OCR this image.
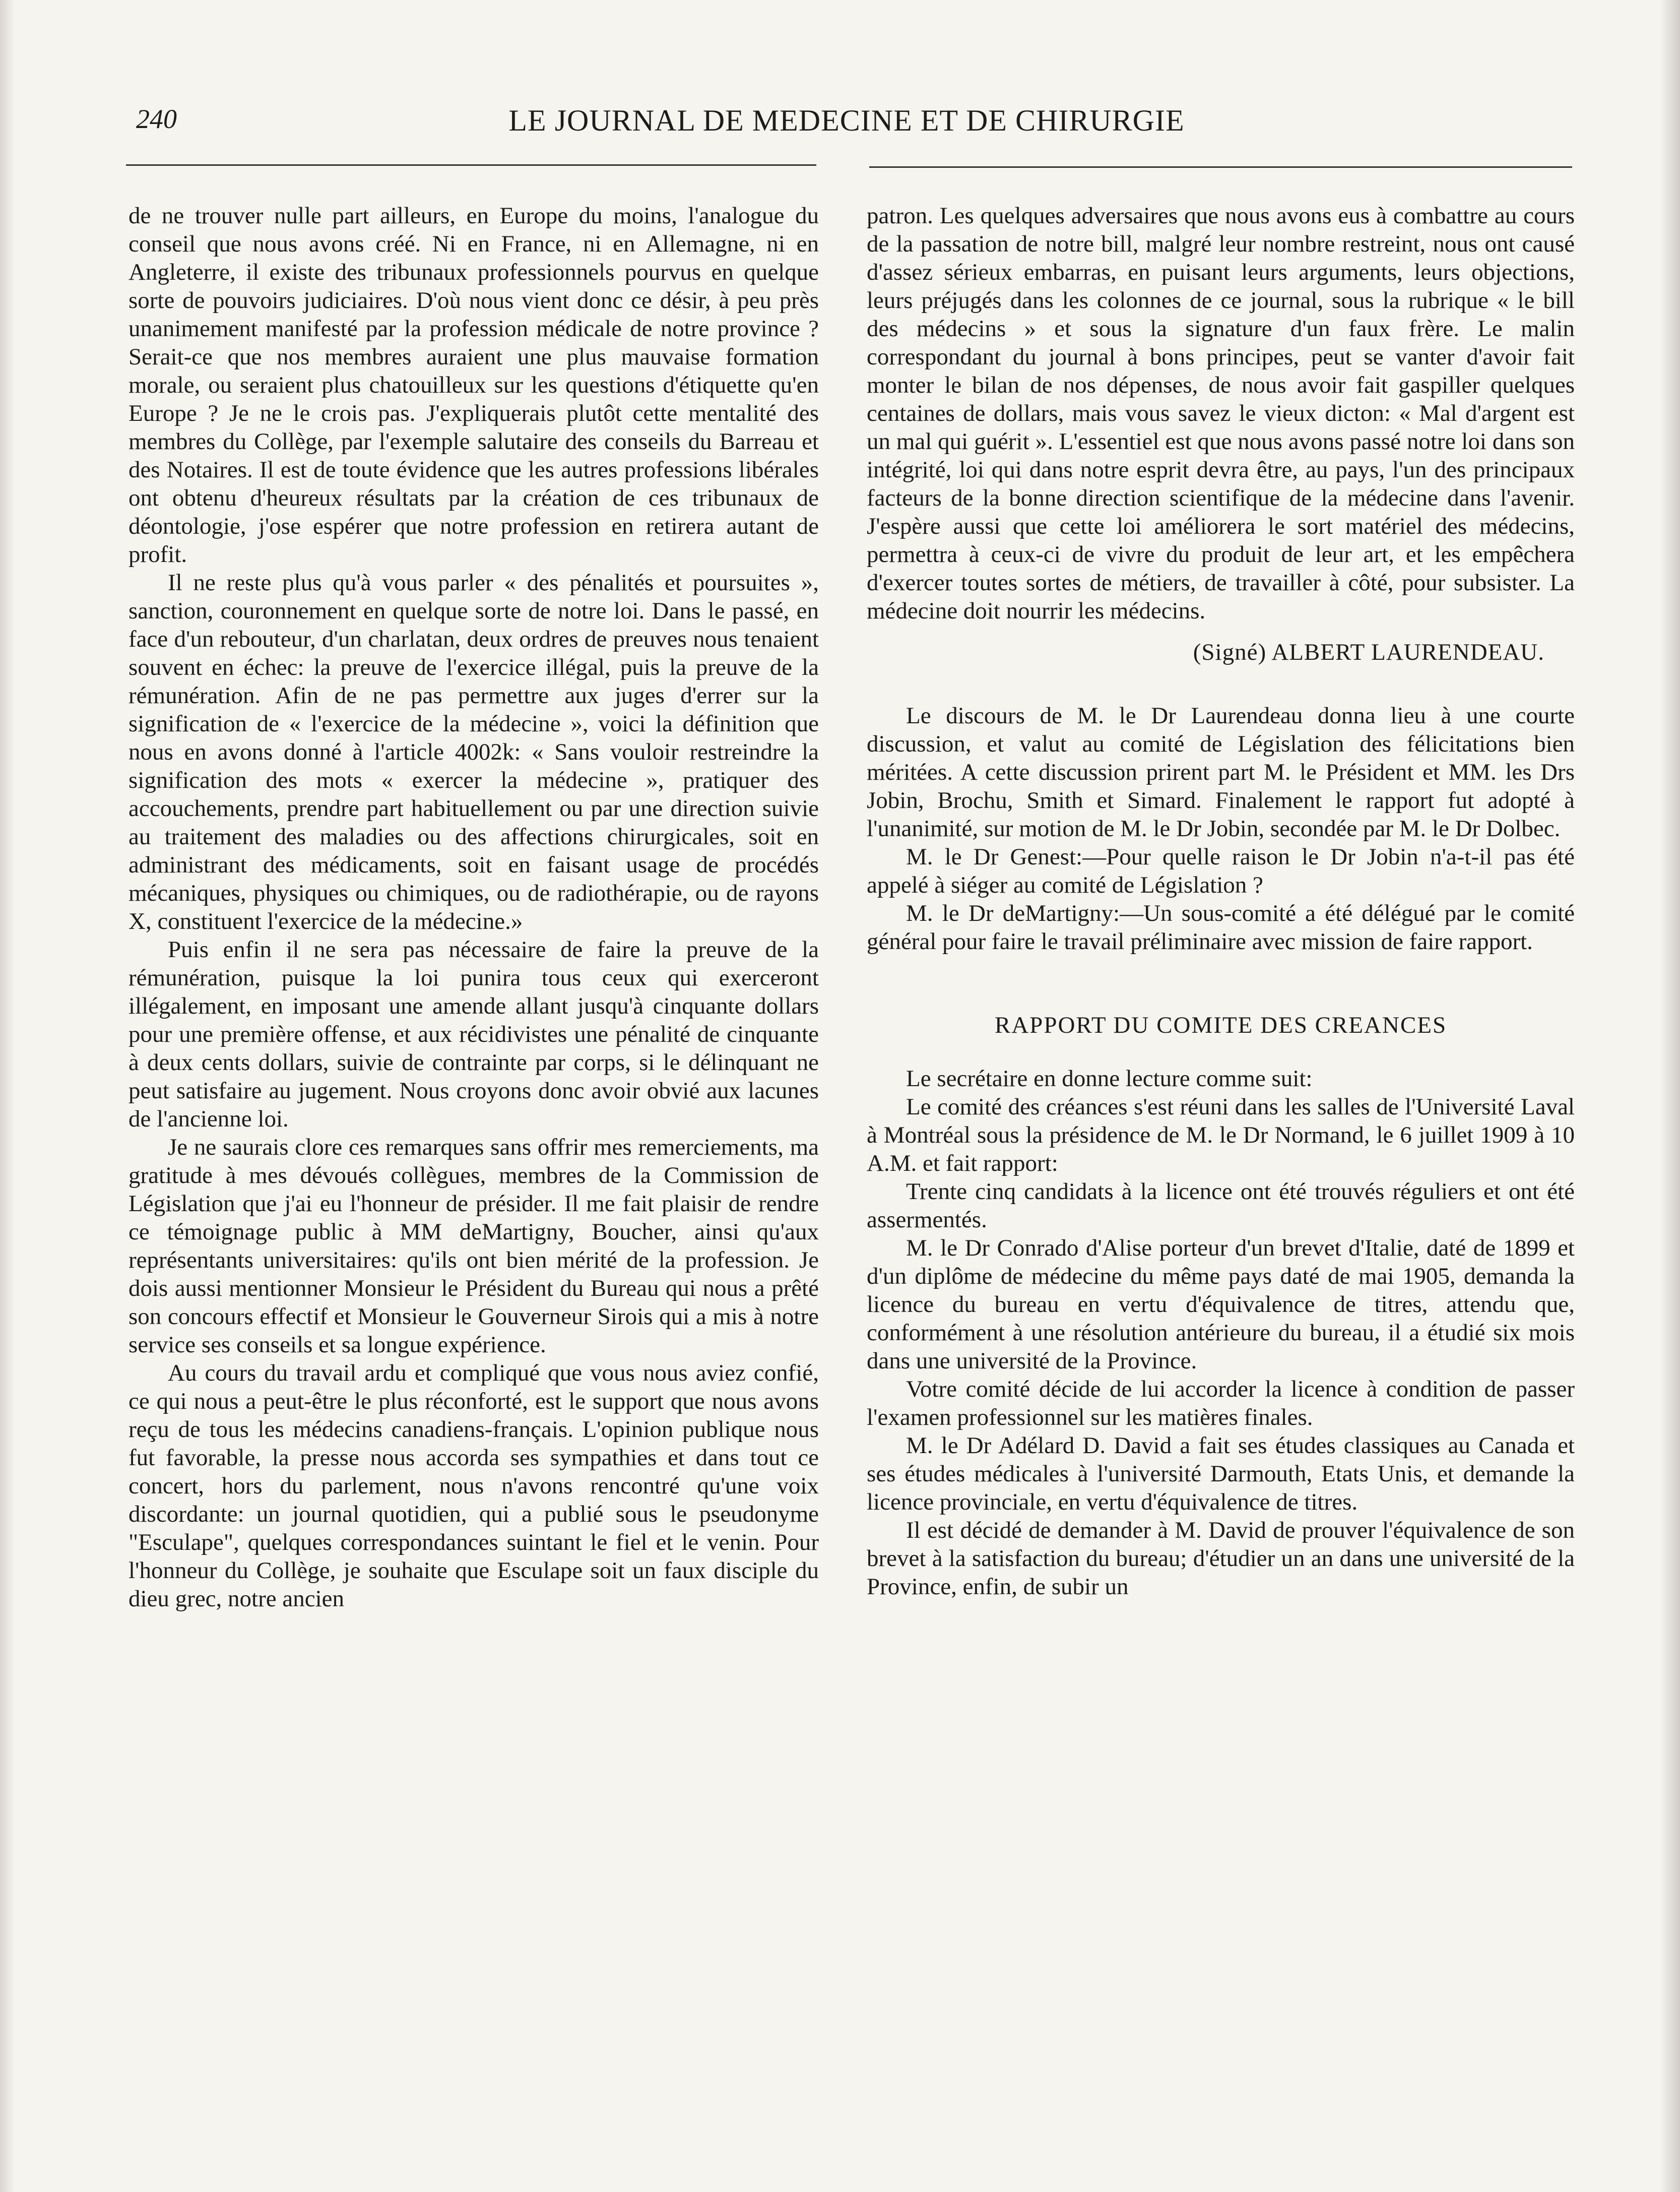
240	LE JOURNAL DE MEDECINE ET DE CHIRURGIE

de ne trouver nulle part ailleurs, en Europe du moins, l'analogue du conseil que nous avons créé. Ni en France, ni en Allemagne, ni en Angleterre, il existe des tribunaux professionnels pourvus en quelque sorte de pouvoirs judiciaires. D'où nous vient donc ce désir, à peu près unanimement manifesté par la profession médicale de notre province ? Serait-ce que nos membres auraient une plus mauvaise formation morale, ou seraient plus chatouilleux sur les questions d'étiquette qu'en Europe ? Je ne le crois pas. J'expliquerais plutôt cette mentalité des membres du Collège, par l'exemple salutaire des conseils du Barreau et des Notaires. Il est de toute évidence que les autres professions libérales ont obtenu d'heureux résultats par la création de ces tribunaux de déontologie, j'ose espérer que notre profession en retirera autant de profit.

Il ne reste plus qu'à vous parler « des pénalités et poursuites », sanction, couronnement en quelque sorte de notre loi. Dans le passé, en face d'un rebouteur, d'un charlatan, deux ordres de preuves nous tenaient souvent en échec: la preuve de l'exercice illégal, puis la preuve de la rémunération. Afin de ne pas permettre aux juges d'errer sur la signification de « l'exercice de la médecine », voici la définition que nous en avons donné à l'article 4002k: « Sans vouloir restreindre la signification des mots « exercer la médecine », pratiquer des accouchements, prendre part habituellement ou par une direction suivie au traitement des maladies ou des affections chirurgicales, soit en administrant des médicaments, soit en faisant usage de procédés mécaniques, physiques ou chimiques, ou de radiothérapie, ou de rayons X, constituent l'exercice de la médecine.»

Puis enfin il ne sera pas nécessaire de faire la preuve de la rémunération, puisque la loi punira tous ceux qui exerceront illégalement, en imposant une amende allant jusqu'à cinquante dollars pour une première offense, et aux récidivistes une pénalité de cinquante à deux cents dollars, suivie de contrainte par corps, si le délinquant ne peut satisfaire au jugement. Nous croyons donc avoir obvié aux lacunes de l'ancienne loi.

Je ne saurais clore ces remarques sans offrir mes remerciements, ma gratitude à mes dévoués collègues, membres de la Commission de Législation que j'ai eu l'honneur de présider. Il me fait plaisir de rendre ce témoignage public à MM deMartigny, Boucher, ainsi qu'aux représentants universitaires: qu'ils ont bien mérité de la profession. Je dois aussi mentionner Monsieur le Président du Bureau qui nous a prêté son concours effectif et Monsieur le Gouverneur Sirois qui a mis à notre service ses conseils et sa longue expérience.

Au cours du travail ardu et compliqué que vous nous aviez confié, ce qui nous a peut-être le plus réconforté, est le support que nous avons reçu de tous les médecins canadiens-français. L'opinion publique nous fut favorable, la presse nous accorda ses sympathies et dans tout ce concert, hors du parlement, nous n'avons rencontré qu'une voix discordante: un journal quotidien, qui a publié sous le pseudonyme "Esculape", quelques correspondances suintant le fiel et le venin. Pour l'honneur du Collège, je souhaite que Esculape soit un faux disciple du dieu grec, notre ancien

patron. Les quelques adversaires que nous avons eus à combattre au cours de la passation de notre bill, malgré leur nombre restreint, nous ont causé d'assez sérieux embarras, en puisant leurs arguments, leurs objections, leurs préjugés dans les colonnes de ce journal, sous la rubrique « le bill des médecins » et sous la signature d'un faux frère. Le malin correspondant du journal à bons principes, peut se vanter d'avoir fait monter le bilan de nos dépenses, de nous avoir fait gaspiller quelques centaines de dollars, mais vous savez le vieux dicton: « Mal d'argent est un mal qui guérit ». L'essentiel est que nous avons passé notre loi dans son intégrité, loi qui dans notre esprit devra être, au pays, l'un des principaux facteurs de la bonne direction scientifique de la médecine dans l'avenir. J'espère aussi que cette loi améliorera le sort matériel des médecins, permettra à ceux-ci de vivre du produit de leur art, et les empêchera d'exercer toutes sortes de métiers, de travailler à côté, pour subsister. La médecine doit nourrir les médecins.

(Signé) ALBERT LAURENDEAU.

Le discours de M. le Dr Laurendeau donna lieu à une courte discussion, et valut au comité de Législation des félicitations bien méritées. A cette discussion prirent part M. le Président et MM. les Drs Jobin, Brochu, Smith et Simard. Finalement le rapport fut adopté à l'unanimité, sur motion de M. le Dr Jobin, secondée par M. le Dr Dolbec.

M. le Dr Genest:—Pour quelle raison le Dr Jobin n'a-t-il pas été appelé à siéger au comité de Législation ?

M. le Dr deMartigny:—Un sous-comité a été délégué par le comité général pour faire le travail préliminaire avec mission de faire rapport.

RAPPORT DU COMITE DES CREANCES

Le secrétaire en donne lecture comme suit:

Le comité des créances s'est réuni dans les salles de l'Université Laval à Montréal sous la présidence de M. le Dr Normand, le 6 juillet 1909 à 10 A.M. et fait rapport:

Trente cinq candidats à la licence ont été trouvés réguliers et ont été assermentés.

M. le Dr Conrado d'Alise porteur d'un brevet d'Italie, daté de 1899 et d'un diplôme de médecine du même pays daté de mai 1905, demanda la licence du bureau en vertu d'équivalence de titres, attendu que, conformément à une résolution antérieure du bureau, il a étudié six mois dans une université de la Province.

Votre comité décide de lui accorder la licence à condition de passer l'examen professionnel sur les matières finales.

M. le Dr Adélard D. David a fait ses études classiques au Canada et ses études médicales à l'université Darmouth, Etats Unis, et demande la licence provinciale, en vertu d'équivalence de titres.

Il est décidé de demander à M. David de prouver l'équivalence de son brevet à la satisfaction du bureau; d'étudier un an dans une université de la Province, enfin, de subir un
